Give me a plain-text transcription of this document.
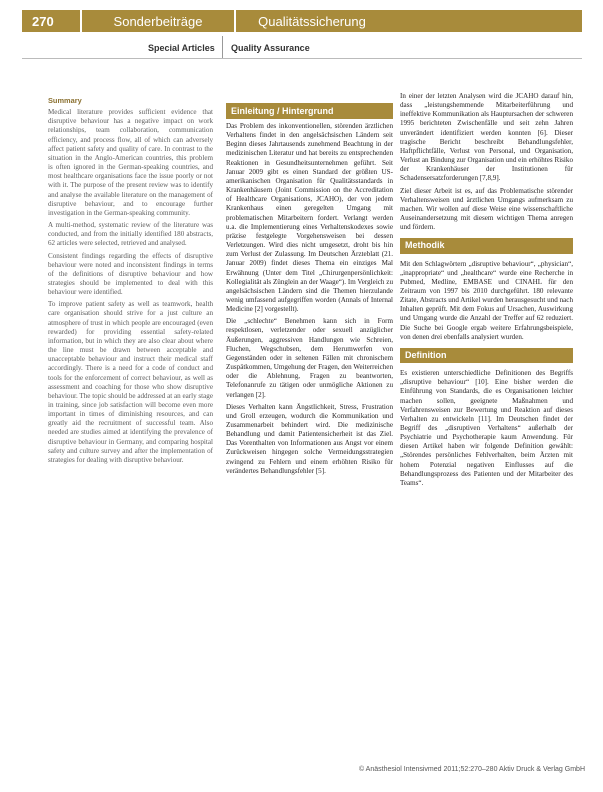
270	Sonderbeiträge	Qualitätssicherung
Special Articles Quality Assurance
Summary

Medical literature provides sufficient evidence that disruptive behaviour has a negative impact on work relationships, team collaboration, communication efficiency, and process flow, all of which can adversely affect patient safety and quality of care. In contrast to the situation in the Anglo-American countries, this problem is often ignored in the German-speaking countries, and most healthcare organisations face the issue poorly or not with it. The purpose of the present review was to identify and analyse the available literature on the management of disruptive behaviour, and to encourage further investigation in the German-speaking community.

A multi-method, systematic review of the literature was conducted, and from the initially identified 180 abstracts, 62 articles were selected, retrieved and analysed.

Consistent findings regarding the effects of disruptive behaviour were noted and inconsistent findings in terms of the definitions of disruptive behaviour and how strategies should be implemented to deal with this behaviour were identified.

To improve patient safety as well as teamwork, health care organisation should strive for a just culture an atmosphere of trust in which people are encouraged (even rewarded) for providing essential safety-related information, but in which they are also clear about where the line must be drawn between acceptable and unacceptable behaviour and instruct their medical staff accordingly. There is a need for a code of conduct and tools for the enforcement of correct behaviour, as well as assessment and coaching for those who show disruptive behaviour. The topic should be addressed at an early stage in training, since job satisfaction will become even more important in times of diminishing resources, and can greatly aid the recruitment of successful team. Also needed are studies aimed at identifying the prevalence of disruptive behaviour in Germany, and comparing hospital safety and culture survey and after the implementation of strategies for dealing with disruptive behaviour.

Einleitung / Hintergrund

Das Problem des inkonventionellen, störenden ärztlichen Verhaltens findet in den angelsächsischen Ländern seit Beginn dieses Jahrtausends zunehmend Beachtung in der medizinischen Literatur und hat bereits zu entsprechenden Reaktionen in Gesundheitsunternehmen geführt. Seit Januar 2009 gibt es einen Standard der größten US-amerikanischen Organisation für Qualitätsstandards in Krankenhäusern (Joint Commission on the Accreditation of Healthcare Organisations, JCAHO), der von jedem Krankenhaus einen geregelten Umgang mit problematischen Mitarbeitern fordert. Verlangt werden u.a. die Implementierung eines Verhaltenskodexes sowie präzise festgelegte Vorgehensweisen bei dessen Verletzungen. Wird dies nicht umgesetzt, droht bis hin zum Verlust der Zulassung. Im Deutschen Ärzteblatt (21. Januar 2009) findet dieses Thema ein einziges Mal Erwähnung (Unter dem Titel „Chirurgenpersönlichkeit: Kollegialität als Zünglein an der Waage“). Im Vergleich zu angelsächsischen Ländern sind die Themen hierzulande wenig umfassend aufgegriffen worden (Annals of Internal Medicine [2] vorgestellt).

Die „schlechte“ Benehmen kann sich in Form respektlosen, verletzender oder sexuell anzüglicher Äußerungen, aggressiven Handlungen wie Schreien, Fluchen, Wegschubsen, dem Herumwerfen von Gegenständen oder in seltenen Fällen mit chronischem Zuspätkommen, Umgehung der Fragen, den Weiterreichen oder die Ablehnung, Fragen zu beantworten, Telefonanrufe zu tätigen oder unmögliche Aktionen zu verlangen [2].

Dieses Verhalten kann Ängstlichkeit, Stress, Frustration und Groll erzeugen, wodurch die Kommunikation und Zusammenarbeit behindert wird. Die medizinische Behandlung und damit Patientensicherheit ist das Ziel. Das Vorenthalten von Informationen aus Angst vor einem Zurückweisen hingegen solche Vermeidungsstrategien zwingend zu Fehlern und einem erhöhten Risiko für verändertes Behandlungsfehler [5].

In einer der letzten Analysen wird die JCAHO darauf hin, dass „leistungshemmende Mitarbeiterführung und ineffektive Kommunikation als Hauptursachen der schweren 1995 berichteten Zwischenfälle und seit zehn Jahren unverändert identifiziert werden konnten [6]. Dieser tragische Bericht beschreibt Behandlungsfehler, Haftpflichtfälle, Verlust von Personal, und Organisation, Verlust an Bindung zur Organisation und ein erhöhtes Risiko der Krankenhäuser der Institutionen für Schadensersatzforderungen [7,8,9].

Ziel dieser Arbeit ist es, auf das Problematische störender Verhaltensweisen und ärztlichen Umgangs aufmerksam zu machen. Wir wollen auf diese Weise eine wissenschaftliche Auseinandersetzung mit diesem wichtigen Thema anregen und fördern.

Methodik

Mit den Schlagwörtern „disruptive behaviour“, „physician“, „inappropriate“ und „healthcare“ wurde eine Recherche in Pubmed, Medline, EMBASE und CINAHL für den Zeitraum von 1997 bis 2010 durchgeführt. 180 relevante Zitate, Abstracts und Artikel wurden herausgesucht und nach Inhalten geprüft. Mit dem Fokus auf Ursachen, Auswirkung und Umgang wurde die Anzahl der Treffer auf 62 reduziert. Die Suche bei Google ergab weitere Erfahrungsbeispiele, von denen drei ebenfalls analysiert wurden.

Definition

Es existieren unterschiedliche Definitionen des Begriffs „disruptive behaviour“ [10]. Eine bisher werden die Einführung von Standards, die es Organisationen leichter machen sollen, geeignete Maßnahmen und Verfahrensweisen zur Bewertung und Reaktion auf dieses Verhalten zu entwickeln [11]. Im Deutschen findet der Begriff des „disruptiven Verhaltens“ außerhalb der Psychiatrie und Psychotherapie kaum Anwendung. Für diesen Artikel haben wir folgende Definition gewählt: „Störendes persönliches Fehlverhalten, beim Ärzten mit hohem Potenzial negativen Einflusses auf die Behandlungsprozess des Patienten und der Mitarbeiter des Teams“.

© Anästhesiol Intensivmed 2011;52:270–280 Aktiv Druck & Verlag GmbH
